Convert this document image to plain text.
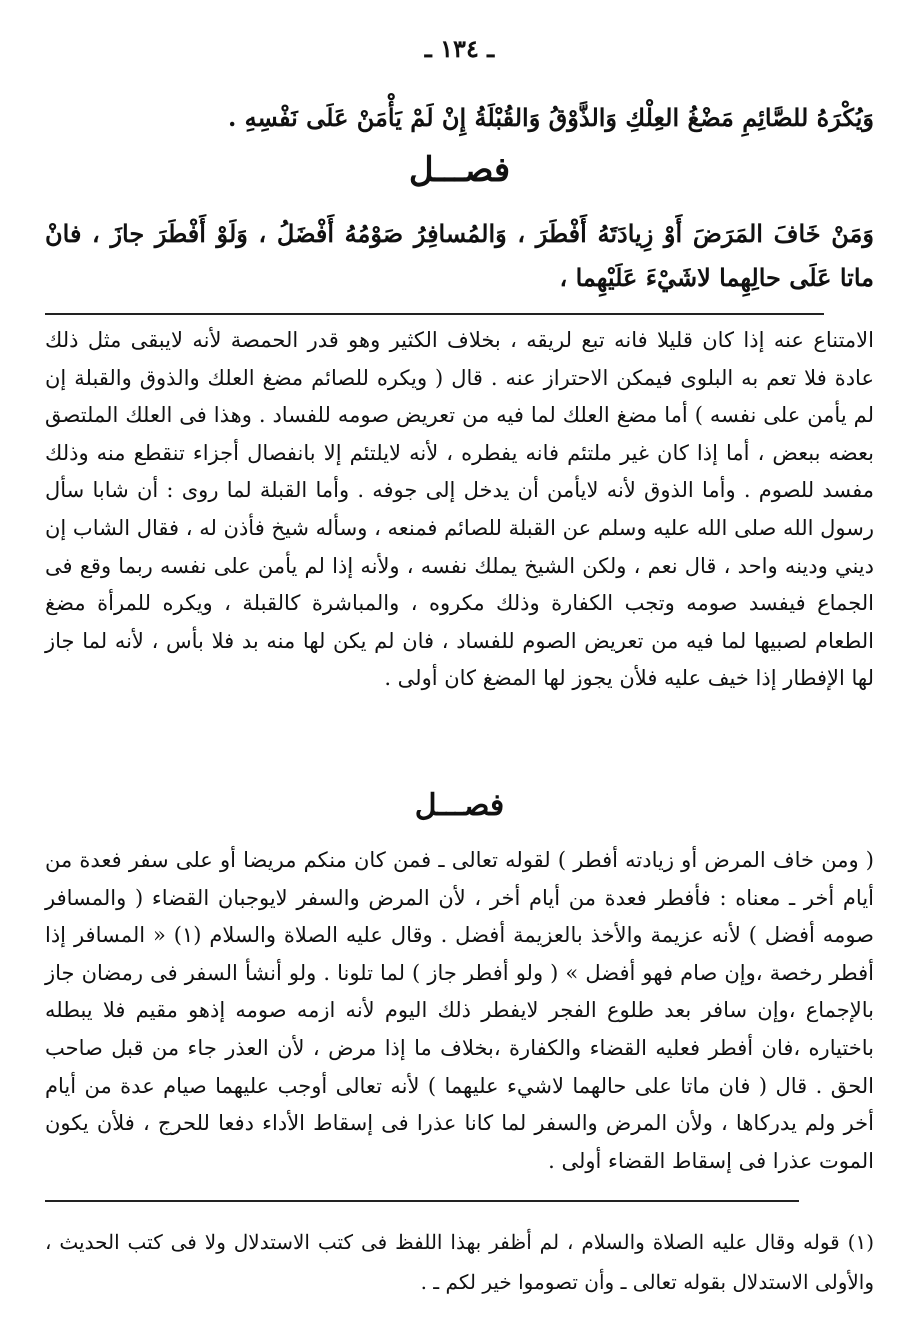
ـ ١٣٤ ـ
وَيُكْرَهُ للصَّائِمِ مَضْغُ العِلْكِ وَالذَّوْقُ وَالقُبْلَةُ إِنْ لَمْ يَأْمَنْ عَلَى نَفْسِهِ .
فصـــل
وَمَنْ خَافَ المَرَضَ أَوْ زِيادَتَهُ أَفْطَرَ ، وَالمُسافِرُ صَوْمُهُ أَفْضَلُ ، وَلَوْ أَفْطَرَ جازَ ، فانْ ماتا عَلَى حالِهِما لاشَيْءَ عَلَيْهِما ،
الامتناع عنه إذا كان قليلا فانه تبع لريقه ، بخلاف الكثير وهو قدر الحمصة لأنه لايبقى مثل ذلك عادة فلا تعم به البلوى فيمكن الاحتراز عنه . قال ( ويكره للصائم مضغ العلك والذوق والقبلة إن لم يأمن على نفسه ) أما مضغ العلك لما فيه من تعريض صومه للفساد . وهذا فى العلك الملتصق بعضه ببعض ، أما إذا كان غير ملتئم فانه يفطره ، لأنه لايلتئم إلا بانفصال أجزاء تنقطع منه وذلك مفسد للصوم . وأما الذوق لأنه لايأمن أن يدخل إلى جوفه . وأما القبلة لما روى : أن شابا سأل رسول الله صلى الله عليه وسلم عن القبلة للصائم فمنعه ، وسأله شيخ فأذن له ، فقال الشاب إن ديني ودينه واحد ، قال نعم ، ولكن الشيخ يملك نفسه ، ولأنه إذا لم يأمن على نفسه ربما وقع فى الجماع فيفسد صومه وتجب الكفارة وذلك مكروه ، والمباشرة كالقبلة ، ويكره للمرأة مضغ الطعام لصبيها لما فيه من تعريض الصوم للفساد ، فان لم يكن لها منه بد فلا بأس ، لأنه لما جاز لها الإفطار إذا خيف عليه فلأن يجوز لها المضغ كان أولى .
فصـــل
( ومن خاف المرض أو زيادته أفطر ) لقوله تعالى ـ فمن كان منكم مريضا أو على سفر فعدة من أيام أخر ـ معناه : فأفطر فعدة من أيام أخر ، لأن المرض والسفر لايوجبان القضاء ( والمسافر صومه أفضل ) لأنه عزيمة والأخذ بالعزيمة أفضل . وقال عليه الصلاة والسلام (١) « المسافر إذا أفطر رخصة ،وإن صام فهو أفضل » ( ولو أفطر جاز ) لما تلونا . ولو أنشأ السفر فى رمضان جاز بالإجماع ،وإن سافر بعد طلوع الفجر لايفطر ذلك اليوم لأنه ازمه صومه إذهو مقيم فلا يبطله باختياره ،فان أفطر فعليه القضاء والكفارة ،بخلاف ما إذا مرض ، لأن العذر جاء من قبل صاحب الحق . قال ( فان ماتا على حالهما لاشيء عليهما ) لأنه تعالى أوجب عليهما صيام عدة من أيام أخر ولم يدركاها ، ولأن المرض والسفر لما كانا عذرا فى إسقاط الأداء دفعا للحرج ، فلأن يكون الموت عذرا فى إسقاط القضاء أولى .
(١) قوله وقال عليه الصلاة والسلام ، لم أظفر بهذا اللفظ فى كتب الاستدلال ولا فى كتب الحديث ، والأولى الاستدلال بقوله تعالى ـ وأن تصوموا خير لكم ـ .
